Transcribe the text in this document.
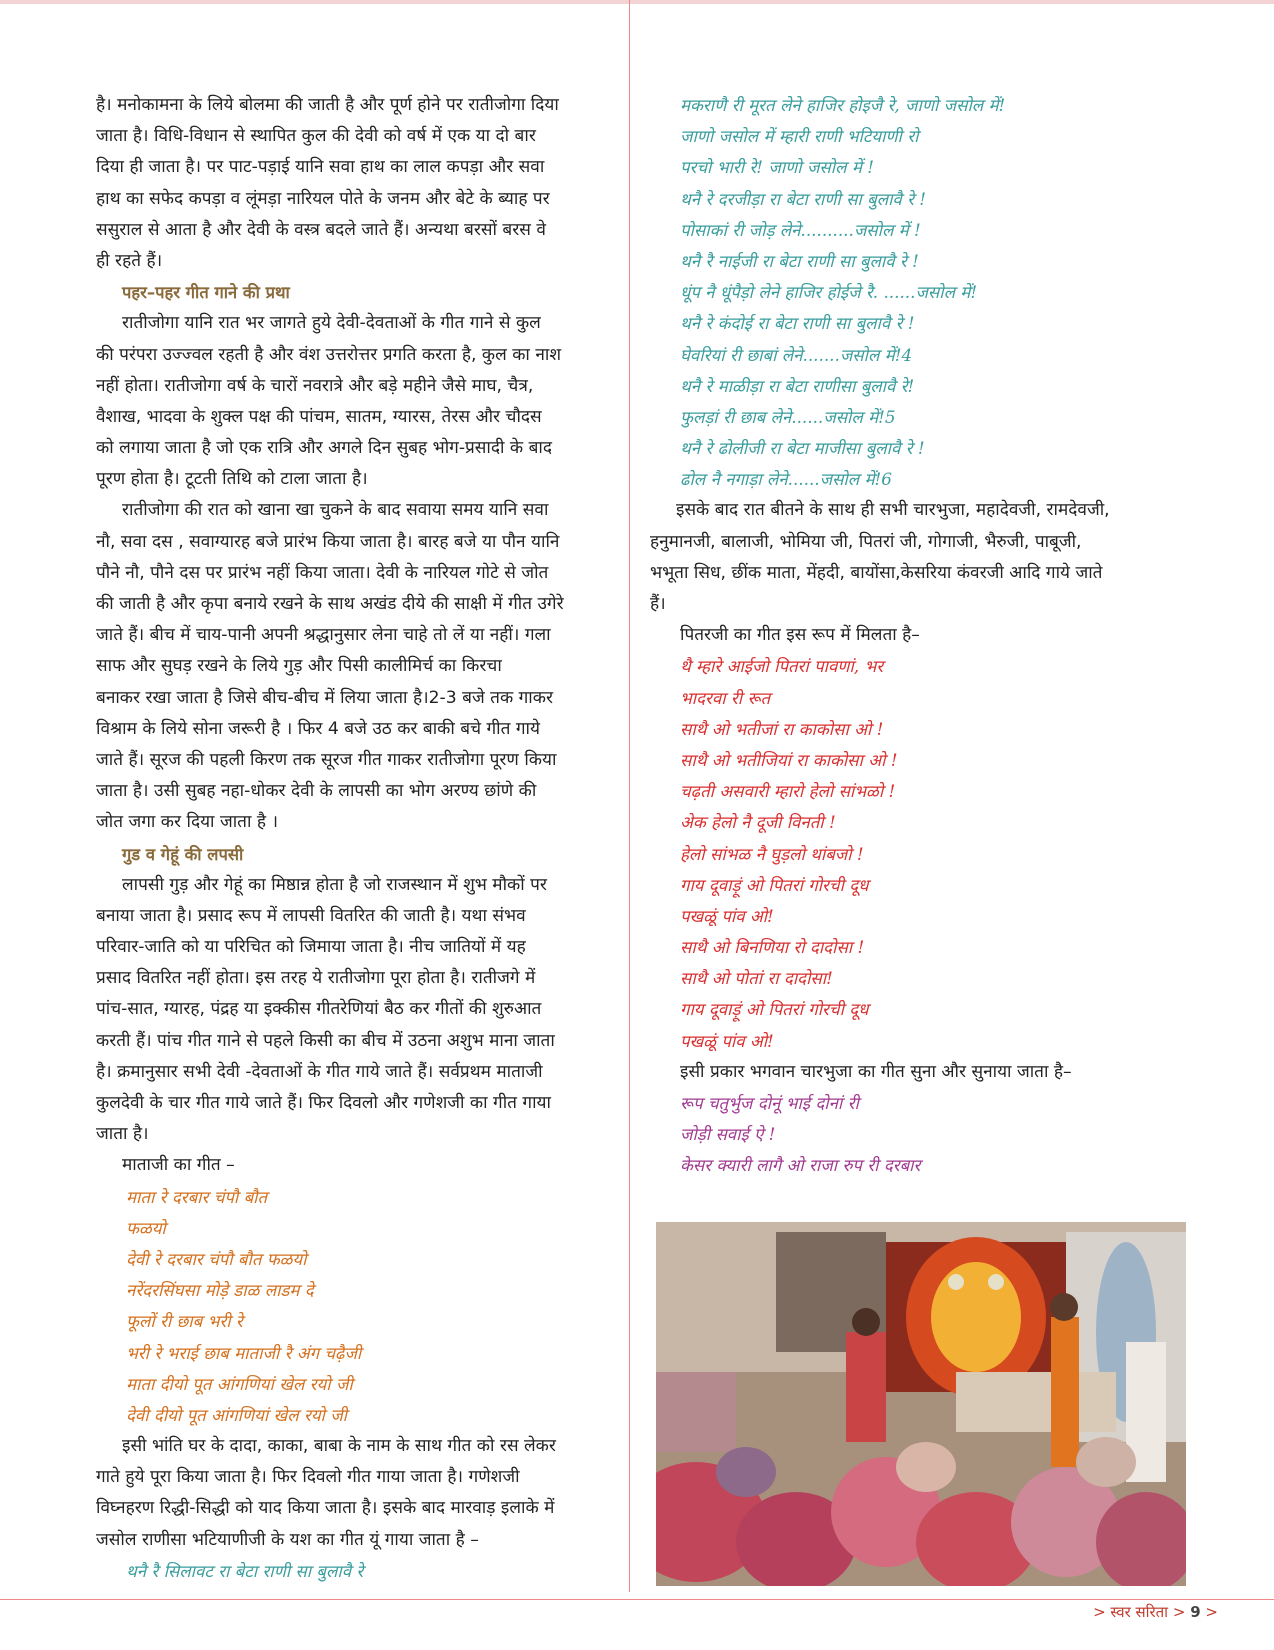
है। मनोकामना के लिये बोलमा की जाती है और पूर्ण होने पर रातीजोगा दिया
जाता है। विधि-विधान से स्थापित कुल की देवी को वर्ष में एक या दो बार
दिया ही जाता है। पर पाट-पड़ाई यानि सवा हाथ का लाल कपड़ा और सवा
हाथ का सफेद कपड़ा व लूंमड़ा नारियल पोते के जनम और बेटे के ब्याह पर
ससुराल से आता है और देवी के वस्त्र बदले जाते हैं। अन्यथा बरसों बरस वे
ही रहते हैं।
पहर–पहर गीत गाने की प्रथा
रातीजोगा यानि रात भर जागते हुये देवी-देवताओं के गीत गाने से कुल
की परंपरा उज्ज्वल रहती है और वंश उत्तरोत्तर प्रगति करता है, कुल का नाश
नहीं होता। रातीजोगा वर्ष के चारों नवरात्रे और बड़े महीने जैसे माघ, चैत्र,
वैशाख, भादवा के शुक्ल पक्ष की पांचम, सातम, ग्यारस, तेरस और चौदस
को लगाया जाता है जो एक रात्रि और अगले दिन सुबह भोग-प्रसादी के बाद
पूरण होता है। टूटती तिथि को टाला जाता है।
रातीजोगा की रात को खाना खा चुकने के बाद सवाया समय यानि सवा
नौ, सवा दस , सवाग्यारह बजे प्रारंभ किया जाता है। बारह बजे या पौन यानि
पौने नौ, पौने दस पर प्रारंभ नहीं किया जाता। देवी के नारियल गोटे से जोत
की जाती है और कृपा बनाये रखने के साथ अखंड दीये की साक्षी में गीत उगेरे
जाते हैं। बीच में चाय-पानी अपनी श्रद्धानुसार लेना चाहे तो लें या नहीं। गला
साफ और सुघड़ रखने के लिये गुड़ और पिसी कालीमिर्च का किरचा
बनाकर रखा जाता है जिसे बीच-बीच में लिया जाता है।2-3 बजे तक गाकर
विश्राम के लिये सोना जरूरी है । फिर 4 बजे उठ कर बाकी बचे गीत गाये
जाते हैं। सूरज की पहली किरण तक सूरज गीत गाकर रातीजोगा पूरण किया
जाता है। उसी सुबह नहा-धोकर देवी के लापसी का भोग अरण्य छांणे की
जोत जगा कर दिया जाता है ।
गुड व गेहूं की लपसी
लापसी गुड़ और गेहूं का मिष्ठान्न होता है जो राजस्थान में शुभ मौकों पर
बनाया जाता है। प्रसाद रूप में लापसी वितरित की जाती है। यथा संभव
परिवार-जाति को या परिचित को जिमाया जाता है। नीच जातियों में यह
प्रसाद वितरित नहीं होता। इस तरह ये रातीजोगा पूरा होता है। रातीजगे में
पांच-सात, ग्यारह, पंद्रह या इक्कीस गीतरेणियां बैठ कर गीतों की शुरुआत
करती हैं। पांच गीत गाने से पहले किसी का बीच में उठना अशुभ माना जाता
है। क्रमानुसार सभी देवी -देवताओं के गीत गाये जाते हैं। सर्वप्रथम माताजी
कुलदेवी के चार गीत गाये जाते हैं। फिर दिवलो और गणेशजी का गीत गाया
जाता है।
माताजी का गीत –
माता रे दरबार चंपौ बौत
फळयो
देवी रे दरबार चंपौ बौत फळयो
नरेंदरसिंघसा मोड़े डाळ लाडम दे
फूलों री छाब भरी रे
भरी रे भराई छाब माताजी रै अंग चढ़ैजी
माता दीयो पूत आंगणियां खेल रयो जी
देवी दीयो पूत आंगणियां खेल रयो जी
इसी भांति घर के दादा, काका, बाबा के नाम के साथ गीत को रस लेकर
गाते हुये पूरा किया जाता है। फिर दिवलो गीत गाया जाता है। गणेशजी
विघ्नहरण रिद्धी-सिद्धी को याद किया जाता है। इसके बाद मारवाड़ इलाके में
जसोल राणीसा भटियाणीजी के यश का गीत यूं गाया जाता है –
थनै रै सिलावट रा बेटा राणी सा बुलावै रे
मकराणै री मूरत लेने हाजिर होइजै रे, जाणो जसोल में!
जाणो जसोल में म्हारी राणी भटियाणी रो
परचो भारी रे! जाणो जसोल में !
थनै रे दरजीड़ा रा बेटा राणी सा बुलावै रे !
पोसाकां री जोड़ लेने..........जसोल में !
थनै रै नाईजी रा बेटा राणी सा बुलावै रे !
धूंप नै धूंपैड़ो लेने हाजिर होईजे रै. ......जसोल में!
थनै रे कंदोई रा बेटा राणी सा बुलावै रे !
घेवरियां री छाबां लेने.......जसोल में!4
थनै रे माळीड़ा रा बेटा राणीसा बुलावै रे!
फुलड़ां री छाब लेने......जसोल में!5
थनै रे ढोलीजी रा बेटा माजीसा बुलावै रे !
ढोल नै नगाड़ा लेने......जसोल में!6
इसके बाद रात बीतने के साथ ही सभी चारभुजा, महादेवजी, रामदेवजी,
हनुमानजी, बालाजी, भोमिया जी, पितरां जी, गोगाजी, भैरुजी, पाबूजी,
भभूता सिध, छींक माता, मेंहदी, बायोंसा,केसरिया कंवरजी आदि गाये जाते
हैं।
पितरजी का गीत इस रूप में मिलता है–
थै म्हारे आईजो पितरां पावणां, भर
भादरवा री रूत
साथै ओ भतीजां रा काकोसा ओ !
साथै ओ भतीजियां रा काकोसा ओ !
चढ़ती असवारी म्हारो हेलो सांभळो !
अेक हेलो नै दूजी विनती !
हेलो सांभळ नै घुड़लो थांबजो !
गाय दूवाड़ूं ओ पितरां गोरची दूध
पखळूं पांव ओ!
साथै ओ बिनणिया रो दादोसा !
साथै ओ पोतां रा दादोसा!
गाय दूवाड़ूं ओ पितरां गोरची दूध
पखळूं पांव ओ!
इसी प्रकार भगवान चारभुजा का गीत सुना और सुनाया जाता है–
रूप चतुर्भुज दोनूं भाई दोनां री
जोड़ी सवाई ऐ !
केसर क्यारी लागै ओ राजा रुप री दरबार
> स्वर सरिता > 9 >
